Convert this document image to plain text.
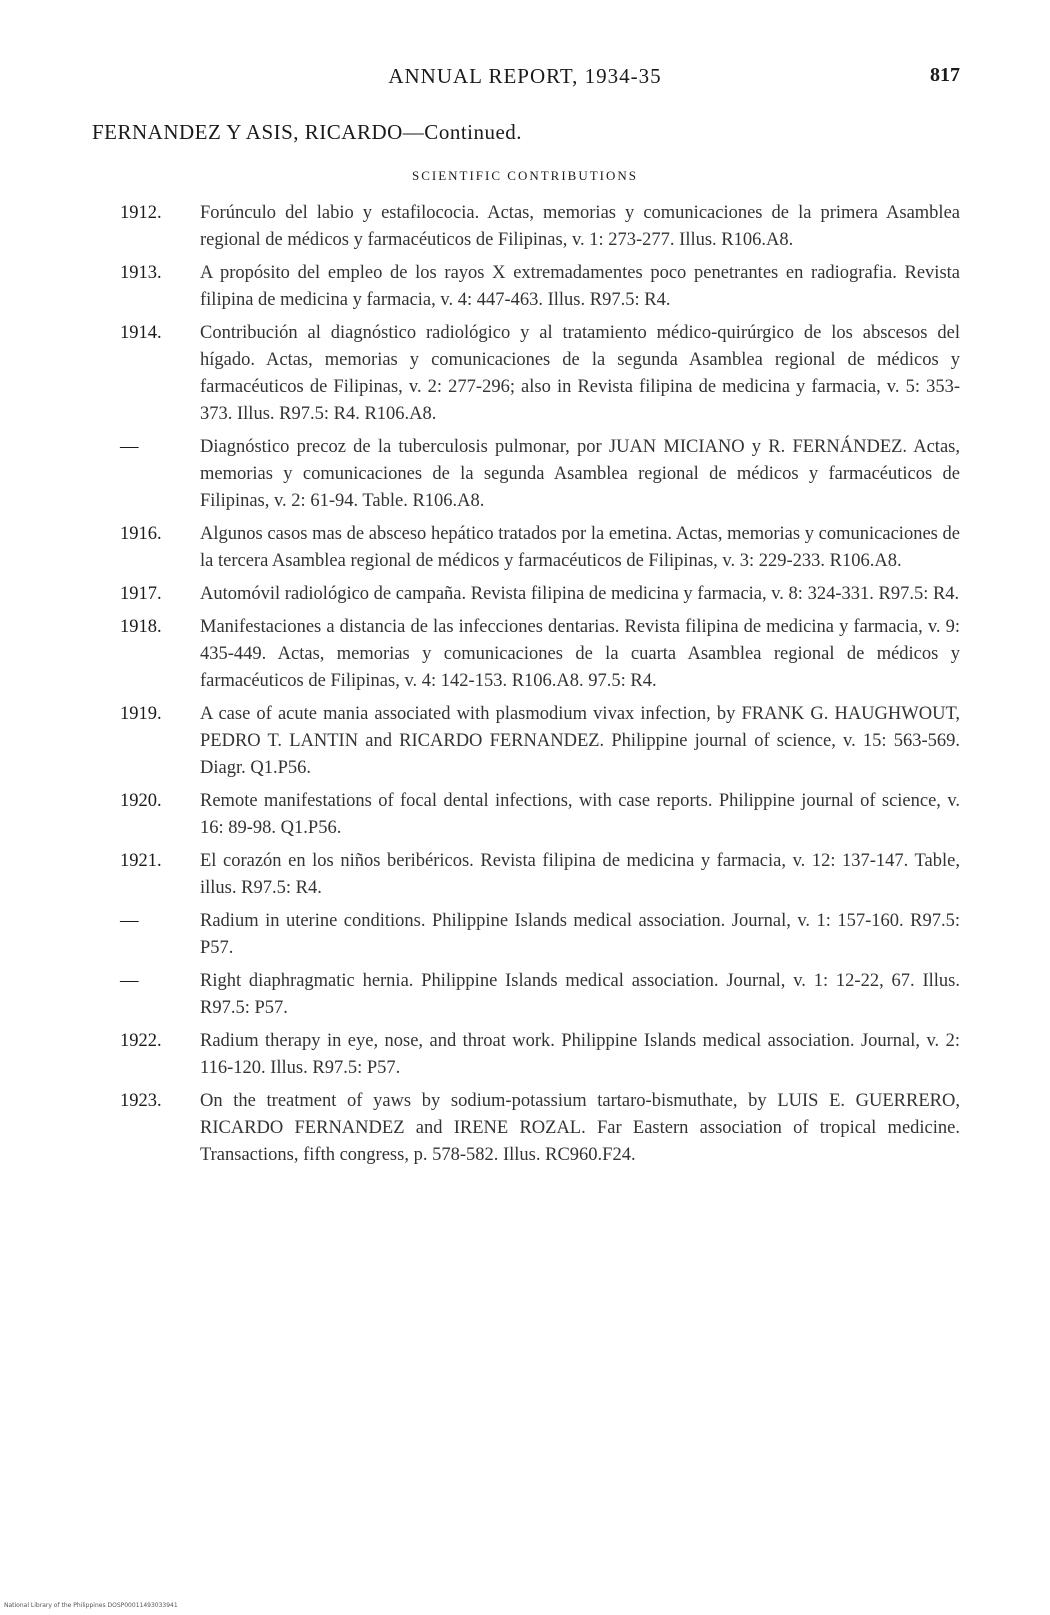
ANNUAL REPORT, 1934-35	817
FERNANDEZ Y ASIS, RICARDO—Continued.
SCIENTIFIC CONTRIBUTIONS
1912.	Forúnculo del labio y estafilococia. Actas, memorias y comunicaciones de la primera Asamblea regional de médicos y farmacéuticos de Filipinas, v. 1: 273-277. Illus. R106.A8.
1913.	A propósito del empleo de los rayos X extremadamentes poco penetrantes en radiografia. Revista filipina de medicina y farmacia, v. 4: 447-463. Illus. R97.5: R4.
1914.	Contribución al diagnóstico radiológico y al tratamiento médico-quirúrgico de los abscesos del hígado. Actas, memorias y comunicaciones de la segunda Asamblea regional de médicos y farmacéuticos de Filipinas, v. 2: 277-296; also in Revista filipina de medicina y farmacia, v. 5: 353-373. Illus. R97.5: R4. R106.A8.
—	Diagnóstico precoz de la tuberculosis pulmonar, por JUAN MICIANO y R. FERNÁNDEZ. Actas, memorias y comunicaciones de la segunda Asamblea regional de médicos y farmacéuticos de Filipinas, v. 2: 61-94. Table. R106.A8.
1916.	Algunos casos mas de absceso hepático tratados por la emetina. Actas, memorias y comunicaciones de la tercera Asamblea regional de médicos y farmacéuticos de Filipinas, v. 3: 229-233. R106.A8.
1917.	Automóvil radiológico de campaña. Revista filipina de medicina y farmacia, v. 8: 324-331. R97.5: R4.
1918.	Manifestaciones a distancia de las infecciones dentarias. Revista filipina de medicina y farmacia, v. 9: 435-449. Actas, memorias y comunicaciones de la cuarta Asamblea regional de médicos y farmacéuticos de Filipinas, v. 4: 142-153. R106.A8. 97.5: R4.
1919.	A case of acute mania associated with plasmodium vivax infection, by FRANK G. HAUGHWOUT, PEDRO T. LANTIN and RICARDO FERNANDEZ. Philippine journal of science, v. 15: 563-569. Diagr. Q1.P56.
1920.	Remote manifestations of focal dental infections, with case reports. Philippine journal of science, v. 16: 89-98. Q1.P56.
1921.	El corazón en los niños beribéricos. Revista filipina de medicina y farmacia, v. 12: 137-147. Table, illus. R97.5: R4.
—	Radium in uterine conditions. Philippine Islands medical association. Journal, v. 1: 157-160. R97.5: P57.
—	Right diaphragmatic hernia. Philippine Islands medical association. Journal, v. 1: 12-22, 67. Illus. R97.5: P57.
1922.	Radium therapy in eye, nose, and throat work. Philippine Islands medical association. Journal, v. 2: 116-120. Illus. R97.5: P57.
1923.	On the treatment of yaws by sodium-potassium tartaro-bismuthate, by LUIS E. GUERRERO, RICARDO FERNANDEZ and IRENE ROZAL. Far Eastern association of tropical medicine. Transactions, fifth congress, p. 578-582. Illus. RC960.F24.
National Library of the Philippines DOSP00011493033941
